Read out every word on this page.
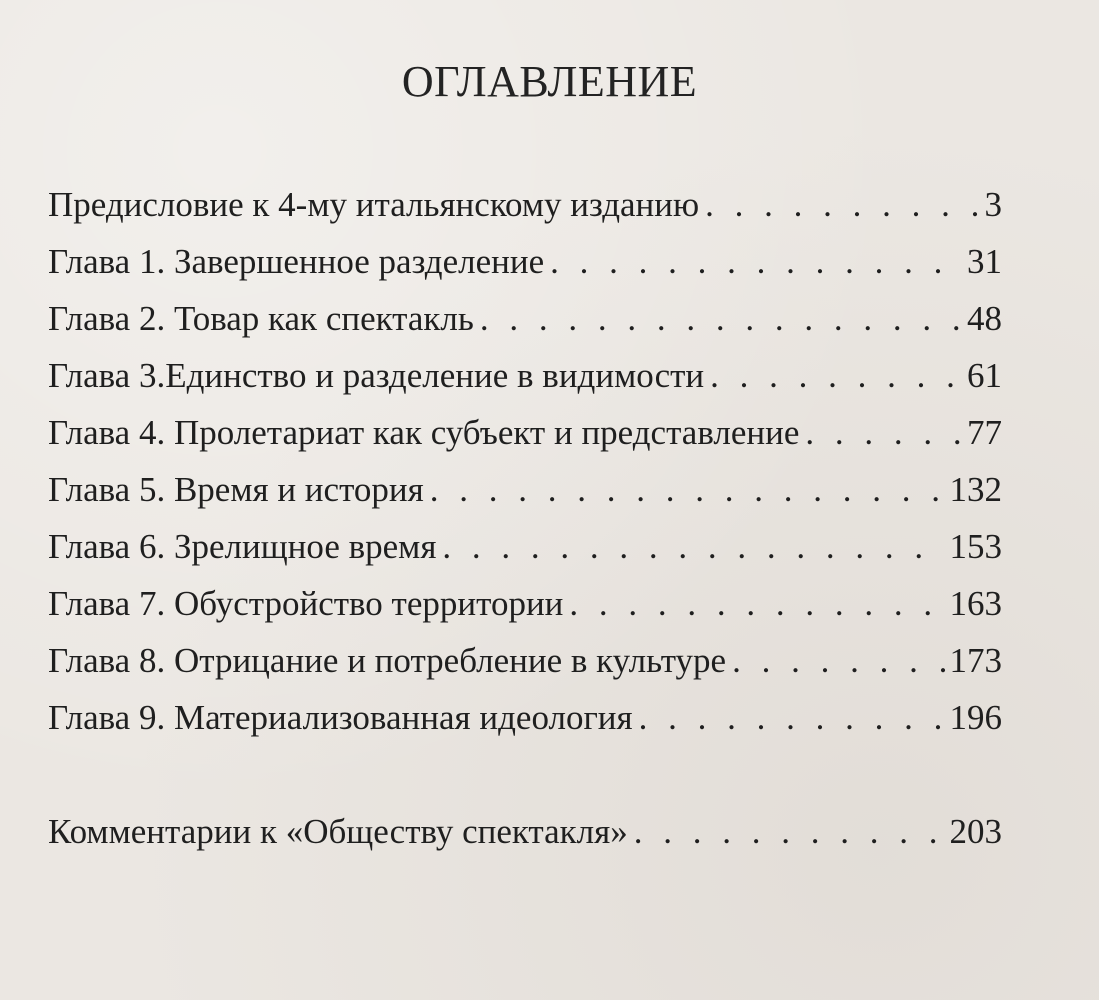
ОГЛАВЛЕНИЕ
Предисловие к 4-му итальянскому изданию . . .	3
Глава 1. Завершенное разделение . . .	31
Глава 2. Товар как спектакль . . .	48
Глава 3.Единство и разделение в видимости . . .	61
Глава 4. Пролетариат как субъект и представление . . .	77
Глава 5. Время и история . . .	132
Глава 6. Зрелищное время . . .	153
Глава 7. Обустройство территории . . .	163
Глава 8. Отрицание и потребление в культуре . . .	173
Глава 9. Материализованная идеология . . .	196
Комментарии к «Обществу спектакля» . . .	203
